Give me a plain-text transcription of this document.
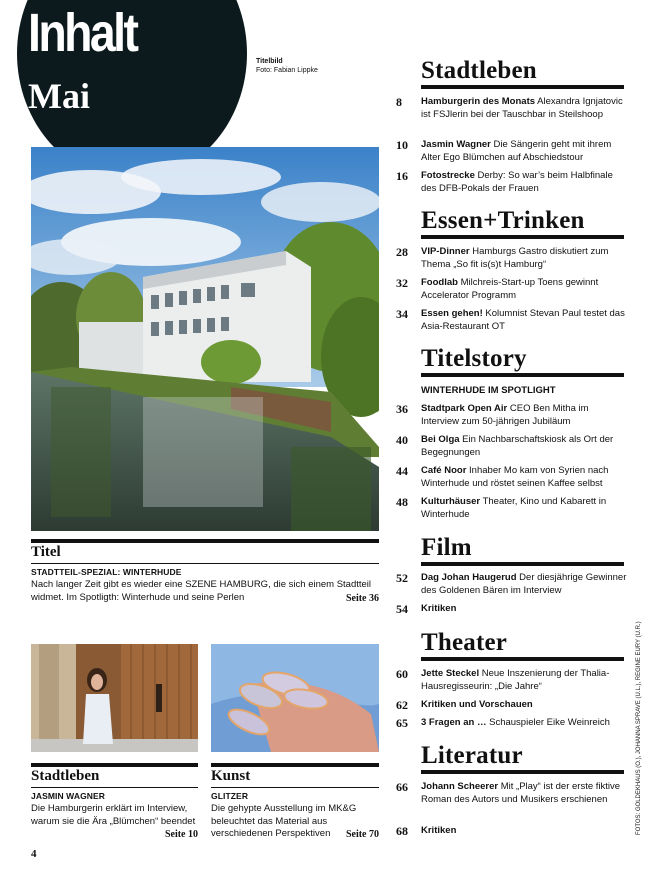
Inhalt
Mai
Titelbild
Foto: Fabian Lippke
Titel
STADTTEIL-SPEZIAL: WINTERHUDE
Nach langer Zeit gibt es wieder eine SZENE HAMBURG, die sich einem Stadtteil widmet. Im Spotligth: Winterhude und seine Perlen	Seite 36
Stadtleben
JASMIN WAGNER
Die Hamburgerin erklärt im Interview, warum sie die Ära „Blümchen“ beendet
Seite 10
Kunst
GLITZER
Die gehypte Ausstellung im MK&G beleuchtet das Material aus verschiedenen Perspektiven Seite 70
Stadtleben
8	Hamburgerin des Monats Alexandra Ignjatovic ist FSJlerin bei der Tauschbar in Steilshoop
10	Jasmin Wagner Die Sängerin geht mit ihrem Alter Ego Blümchen auf Abschiedstour
16	Fotostrecke Derby: So war’s beim Halbfinale des DFB-Pokals der Frauen
Essen+Trinken
28	VIP-Dinner Hamburgs Gastro diskutiert zum Thema „So fit is(s)t Hamburg“
32	Foodlab Milchreis-Start-up Toens gewinnt Accelerator Programm
34	Essen gehen! Kolumnist Stevan Paul testet das Asia-Restaurant OT
Titelstory
WINTERHUDE IM SPOTLIGHT
36	Stadtpark Open Air CEO Ben Mitha im Interview zum 50-jährigen Jubiläum
40	Bei Olga Ein Nachbarschaftskiosk als Ort der Begegnungen
44	Café Noor Inhaber Mo kam von Syrien nach Winterhude und röstet seinen Kaffee selbst
48	Kulturhäuser Theater, Kino und Kabarett in Winterhude
Film
52	Dag Johan Haugerud Der diesjährige Gewinner des Goldenen Bären im Interview
54	Kritiken
Theater
60	Jette Steckel Neue Inszenierung der Thalia-Hausregisseurin: „Die Jahre“
62	Kritiken und Vorschauen
65	3 Fragen an … Schauspieler Eike Weinreich
Literatur
66	Johann Scheerer Mit „Play“ ist der erste fiktive Roman des Autors und Musikers erschienen
68	Kritiken	FOTOS: GOLDEKHAUS (O.), JOHANNA SPRAVE (U.L.), REGINE EURY (U.R.)
4
